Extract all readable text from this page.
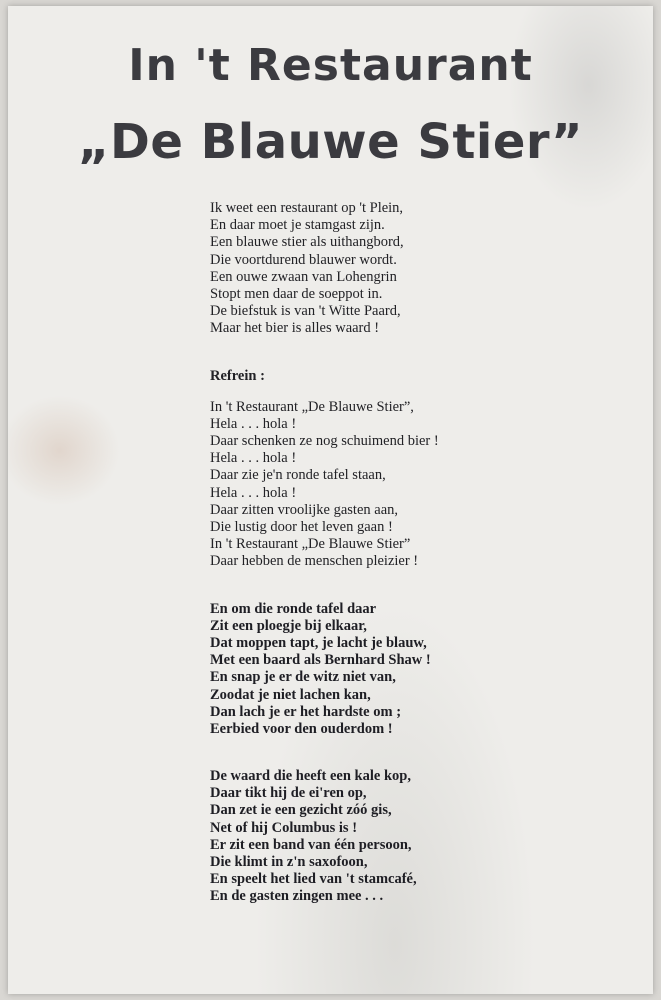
In 't Restaurant
„De Blauwe Stier”
Ik weet een restaurant op 't Plein,
En daar moet je stamgast zijn.
Een blauwe stier als uithangbord,
Die voortdurend blauwer wordt.
Een ouwe zwaan van Lohengrin
Stopt men daar de soeppot in.
De biefstuk is van 't Witte Paard,
Maar het bier is alles waard !
Refrein :
In 't Restaurant „De Blauwe Stier”,
Hela . . . hola !
Daar schenken ze nog schuimend bier !
Hela . . . hola !
Daar zie je'n ronde tafel staan,
Hela . . . hola !
Daar zitten vroolijke gasten aan,
Die lustig door het leven gaan !
In 't Restaurant „De Blauwe Stier”
Daar hebben de menschen pleizier !
En om die ronde tafel daar
Zit een ploegje bij elkaar,
Dat moppen tapt, je lacht je blauw,
Met een baard als Bernhard Shaw !
En snap je er de witz niet van,
Zoodat je niet lachen kan,
Dan lach je er het hardste om ;
Eerbied voor den ouderdom !
De waard die heeft een kale kop,
Daar tikt hij de ei'ren op,
Dan zet ie een gezicht zóó gis,
Net of hij Columbus is !
Er zit een band van één persoon,
Die klimt in z'n saxofoon,
En speelt het lied van 't stamcafé,
En de gasten zingen mee . . .
